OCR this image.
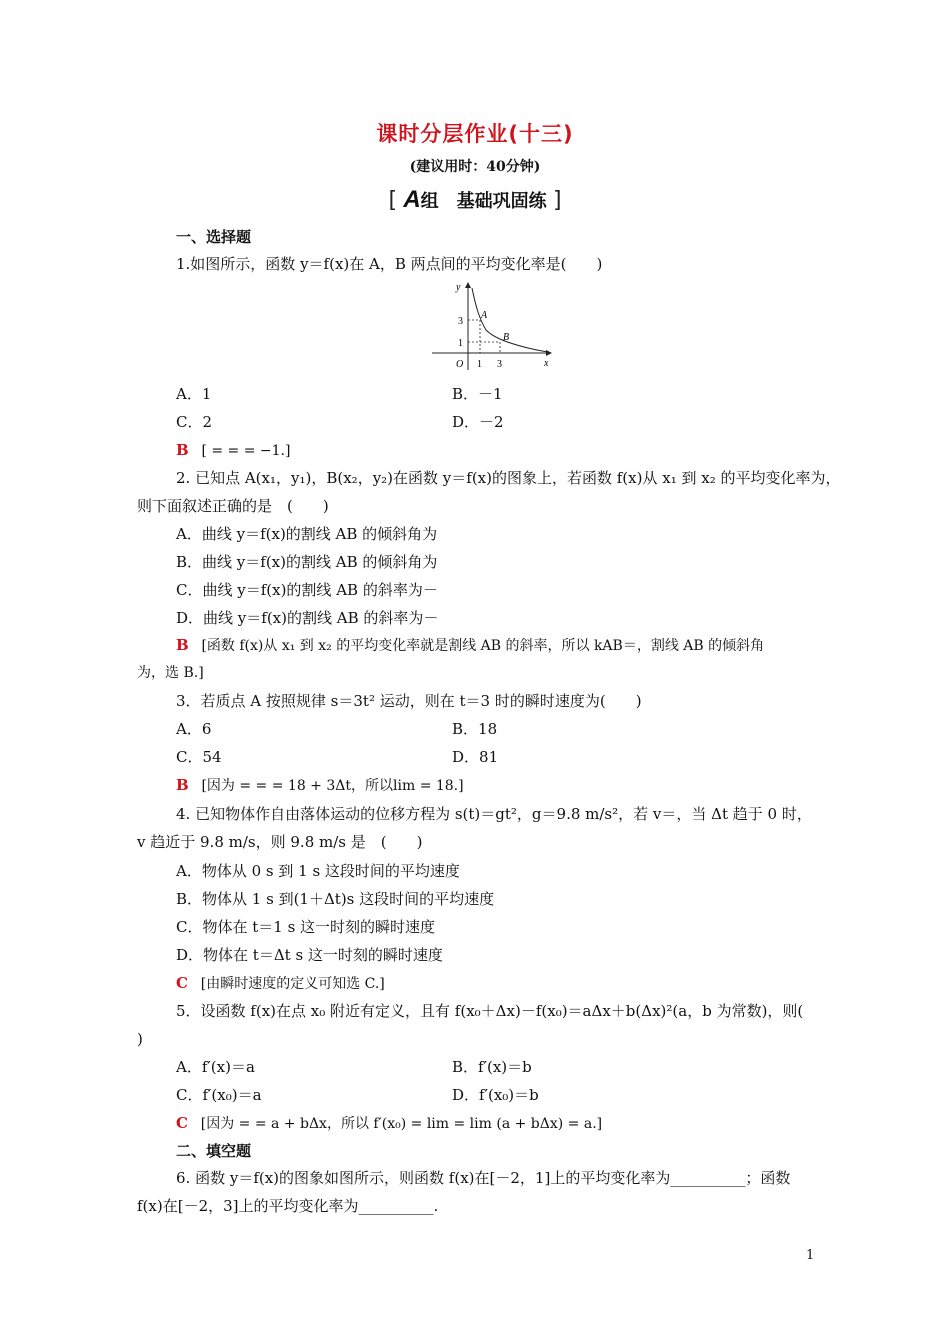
课时分层作业(十三)
(建议用时：40分钟)
[ A组　基础巩固练 ]
一、选择题
1.如图所示，函数 y＝f(x)在 A，B 两点间的平均变化率是(　　)
y
x
O
3
1
1 3
A
B
A．1	B．－1
C．2	D．－2
B [ = = = −1.]
2. 已知点 A(x₁，y₁)，B(x₂，y₂)在函数 y＝f(x)的图象上，若函数 f(x)从 x₁ 到 x₂ 的平均变化率为，
则下面叙述正确的是　(　　)
A．曲线 y＝f(x)的割线 AB 的倾斜角为
B．曲线 y＝f(x)的割线 AB 的倾斜角为
C．曲线 y＝f(x)的割线 AB 的斜率为－
D．曲线 y＝f(x)的割线 AB 的斜率为－
B [函数 f(x)从 x₁ 到 x₂ 的平均变化率就是割线 AB 的斜率，所以 kAB＝，割线 AB 的倾斜角
为，选 B.]
3．若质点 A 按照规律 s＝3t² 运动，则在 t＝3 时的瞬时速度为(　　)
A．6	B．18
C．54	D．81
B [因为 = = = 18 + 3Δt，所以lim = 18.]
4. 已知物体作自由落体运动的位移方程为 s(t)＝gt²，g＝9.8 m/s²，若 v＝，当 Δt 趋于 0 时，
v 趋近于 9.8 m/s，则 9.8 m/s 是　(　　)
A．物体从 0 s 到 1 s 这段时间的平均速度
B．物体从 1 s 到(1＋Δt)s 这段时间的平均速度
C．物体在 t＝1 s 这一时刻的瞬时速度
D．物体在 t＝Δt s 这一时刻的瞬时速度
C [由瞬时速度的定义可知选 C.]
5．设函数 f(x)在点 x₀ 附近有定义，且有 f(x₀＋Δx)－f(x₀)＝aΔx＋b(Δx)²(a，b 为常数)，则(
)
A．f′(x)＝a	B．f′(x)＝b
C．f′(x₀)＝a	D．f′(x₀)＝b
C [因为 = = a + bΔx，所以 f′(x₀) = lim = lim (a + bΔx) = a.]
二、填空题
6. 函数 y＝f(x)的图象如图所示，则函数 f(x)在[－2，1]上的平均变化率为__________；函数
f(x)在[－2，3]上的平均变化率为__________.
1
